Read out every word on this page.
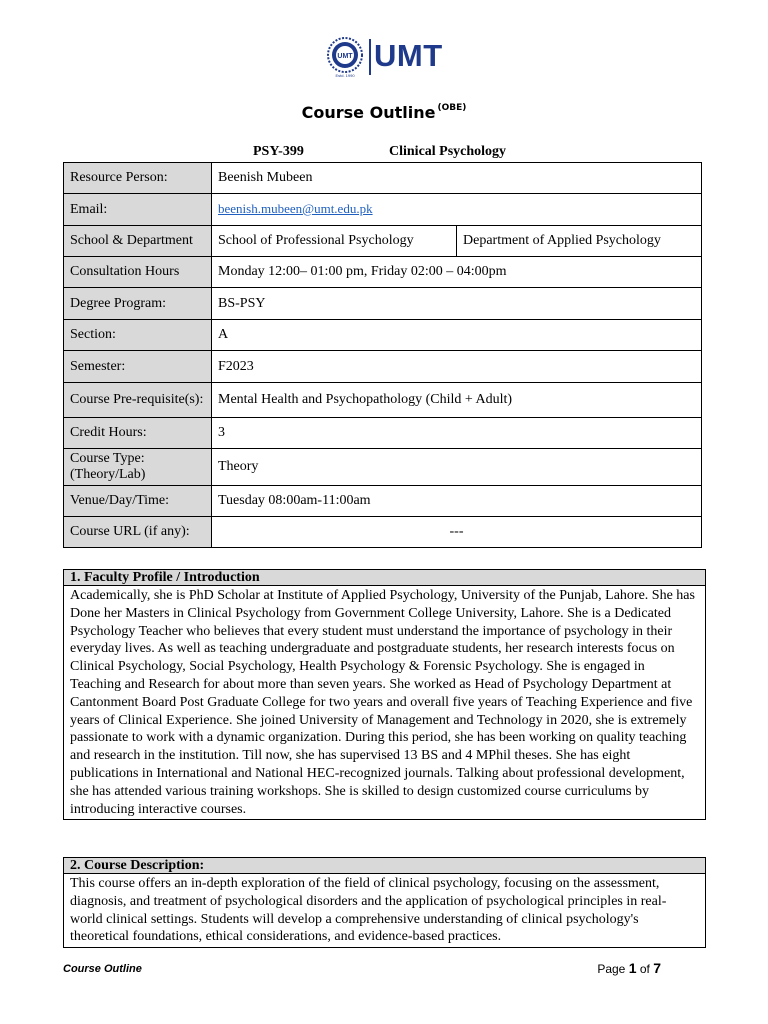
UMT
Estd. 1990
UMT
Course Outline $^{(OBE)}$
PSY-399	Clinical Psychology
Resource Person:	Beenish Mubeen	
Email:	beenish.mubeen@umt.edu.pk	
School & Department	School of Professional Psychology	Department of Applied Psychology
Consultation Hours	Monday 12:00– 01:00 pm, Friday 02:00 – 04:00pm	
Degree Program:	BS-PSY	
Section:	A	
Semester:	F2023	
Course Pre-requisite(s):	Mental Health and Psychopathology (Child + Adult)	
Credit Hours:	3	
Course Type: (Theory/Lab)	Theory	
Venue/Day/Time:	Tuesday 08:00am-11:00am	
Course URL (if any):	---	
1. Faculty Profile / Introduction
Academically, she is PhD Scholar at Institute of Applied Psychology, University of the Punjab, Lahore. She has Done her Masters in Clinical Psychology from Government College University, Lahore. She is a Dedicated Psychology Teacher who believes that every student must understand the importance of psychology in their everyday lives. As well as teaching undergraduate and postgraduate students, her research interests focus on Clinical Psychology, Social Psychology, Health Psychology & Forensic Psychology. She is engaged in Teaching and Research for about more than seven years. She worked as Head of Psychology Department at Cantonment Board Post Graduate College for two years and overall five years of Teaching Experience and five years of Clinical Experience. She joined University of Management and Technology in 2020, she is extremely passionate to work with a dynamic organization. During this period, she has been working on quality teaching and research in the institution. Till now, she has supervised 13 BS and 4 MPhil theses. She has eight publications in International and National HEC-recognized journals. Talking about professional development, she has attended various training workshops. She is skilled to design customized course curriculums by introducing interactive courses.
2. Course Description:
This course offers an in-depth exploration of the field of clinical psychology, focusing on the assessment, diagnosis, and treatment of psychological disorders and the application of psychological principles in real-world clinical settings. Students will develop a comprehensive understanding of clinical psychology's theoretical foundations, ethical considerations, and evidence-based practices.
Course Outline	Page 1 of 7
